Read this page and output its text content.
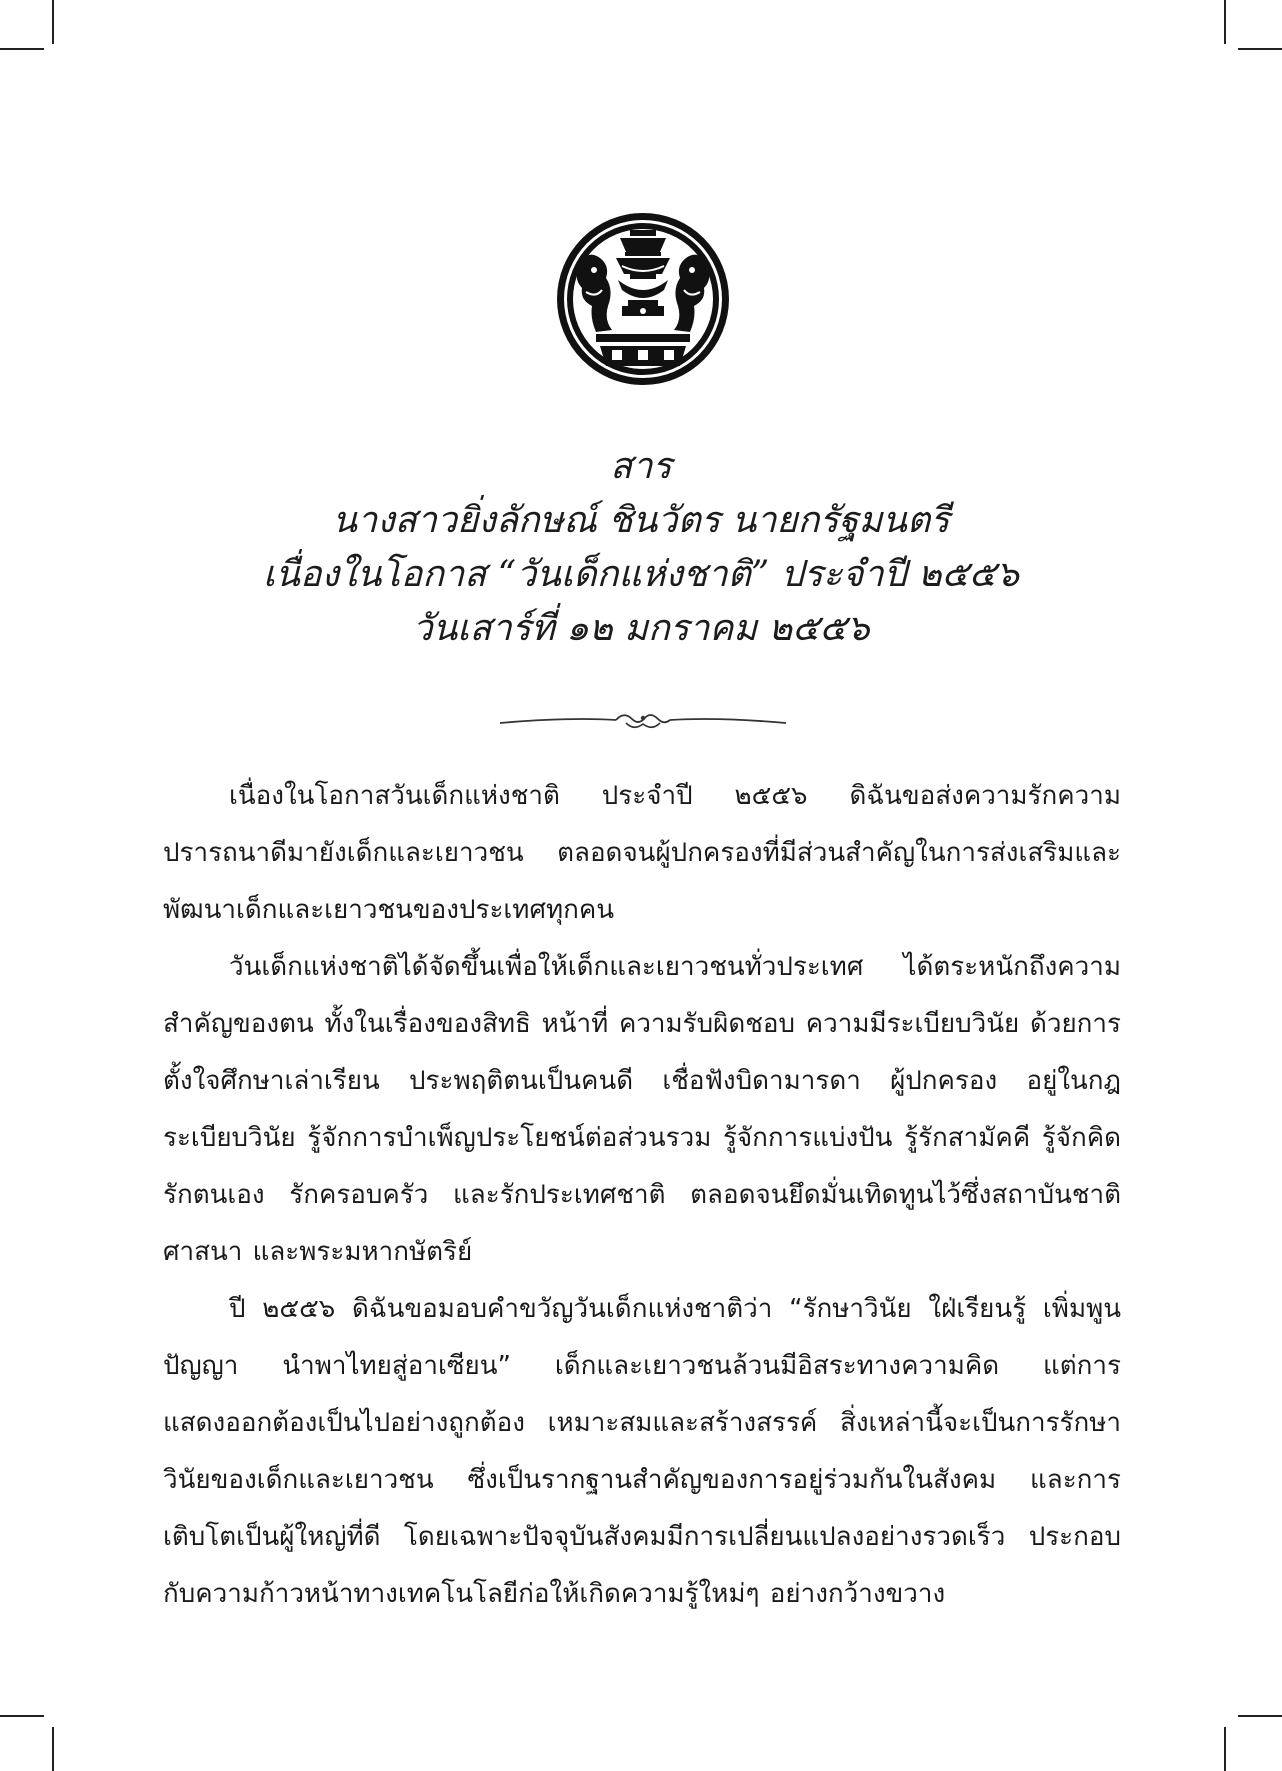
สาร
นางสาวยิ่งลักษณ์ ชินวัตร นายกรัฐมนตรี
เนื่องในโอกาส “วันเด็กแห่งชาติ” ประจำปี ๒๕๕๖
วันเสาร์ที่ ๑๒ มกราคม ๒๕๕๖

เนื่องในโอกาสวันเด็กแห่งชาติ ประจำปี ๒๕๕๖ ดิฉันขอส่งความรักความปรารถนาดีมายังเด็กและเยาวชน ตลอดจนผู้ปกครองที่มีส่วนสำคัญในการส่งเสริมและพัฒนาเด็กและเยาวชนของประเทศทุกคน

วันเด็กแห่งชาติได้จัดขึ้นเพื่อให้เด็กและเยาวชนทั่วประเทศ ได้ตระหนักถึงความสำคัญของตน ทั้งในเรื่องของสิทธิ หน้าที่ ความรับผิดชอบ ความมีระเบียบวินัย ด้วยการตั้งใจศึกษาเล่าเรียน ประพฤติตนเป็นคนดี เชื่อฟังบิดามารดา ผู้ปกครอง อยู่ในกฎระเบียบวินัย รู้จักการบำเพ็ญประโยชน์ต่อส่วนรวม รู้จักการแบ่งปัน รู้รักสามัคคี รู้จักคิด รักตนเอง รักครอบครัว และรักประเทศชาติ ตลอดจนยึดมั่นเทิดทูนไว้ซึ่งสถาบันชาติ ศาสนา และพระมหากษัตริย์

ปี ๒๕๕๖ ดิฉันขอมอบคำขวัญวันเด็กแห่งชาติว่า “รักษาวินัย ใฝ่เรียนรู้ เพิ่มพูนปัญญา นำพาไทยสู่อาเซียน” เด็กและเยาวชนล้วนมีอิสระทางความคิด แต่การแสดงออกต้องเป็นไปอย่างถูกต้อง เหมาะสมและสร้างสรรค์ สิ่งเหล่านี้จะเป็นการรักษาวินัยของเด็กและเยาวชน ซึ่งเป็นรากฐานสำคัญของการอยู่ร่วมกันในสังคม และการเติบโตเป็นผู้ใหญ่ที่ดี โดยเฉพาะปัจจุบันสังคมมีการเปลี่ยนแปลงอย่างรวดเร็ว ประกอบกับความก้าวหน้าทางเทคโนโลยีก่อให้เกิดความรู้ใหม่ๆ อย่างกว้างขวาง
